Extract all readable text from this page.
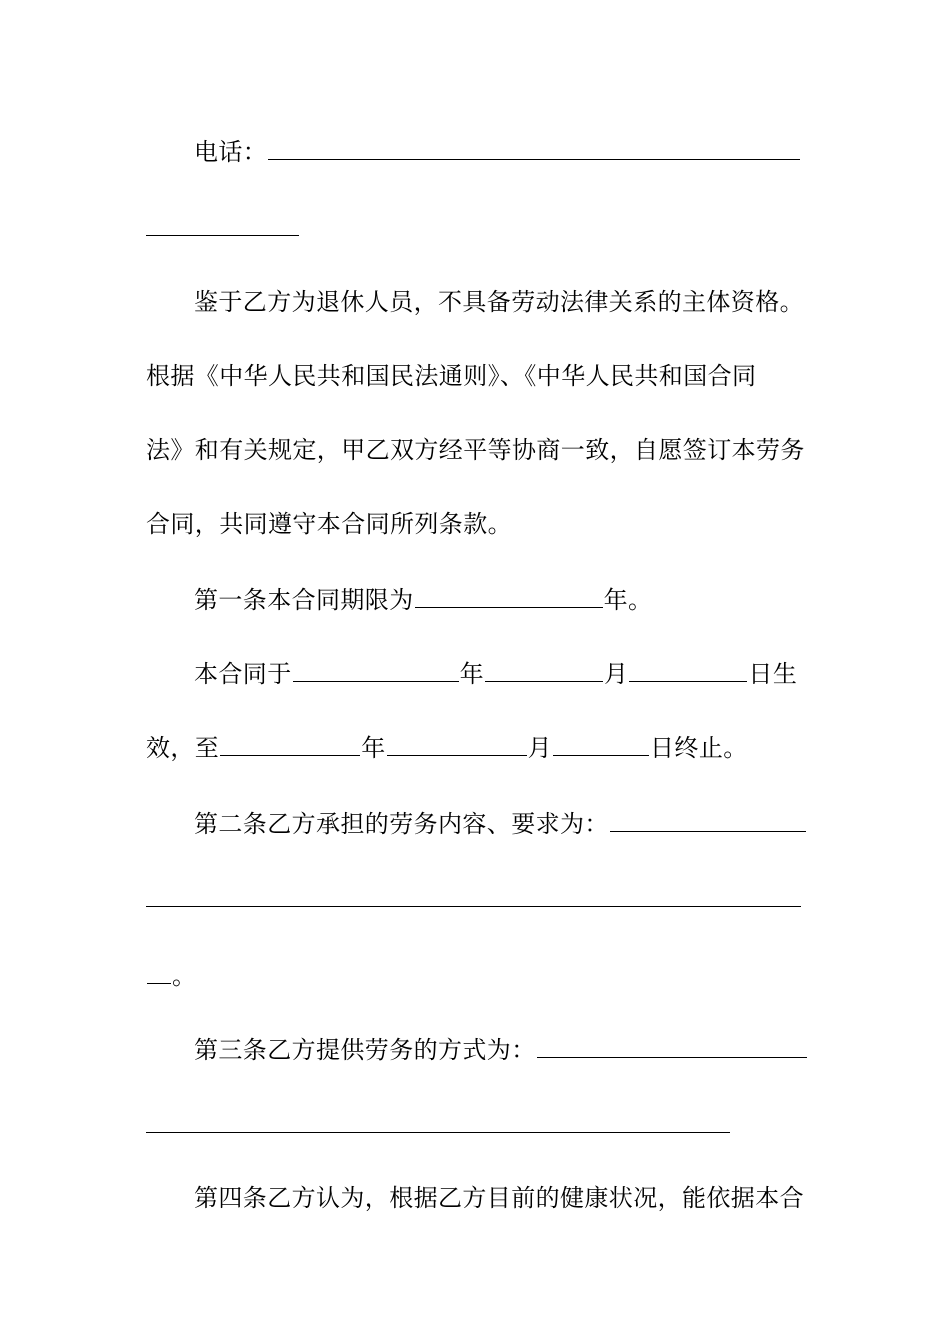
电话：
鉴于乙方为退休人员，不具备劳动法律关系的主体资格。
根据《中华人民共和国民法通则》、《中华人民共和国合同
法》和有关规定，甲乙双方经平等协商一致，自愿签订本劳务
合同，共同遵守本合同所列条款。
第一条本合同期限为	年。
本合同于	年	月	日生
效，至	年	月	日终止。
第二条乙方承担的劳务内容、要求为：
。
第三条乙方提供劳务的方式为：
第四条乙方认为，根据乙方目前的健康状况，能依据本合
